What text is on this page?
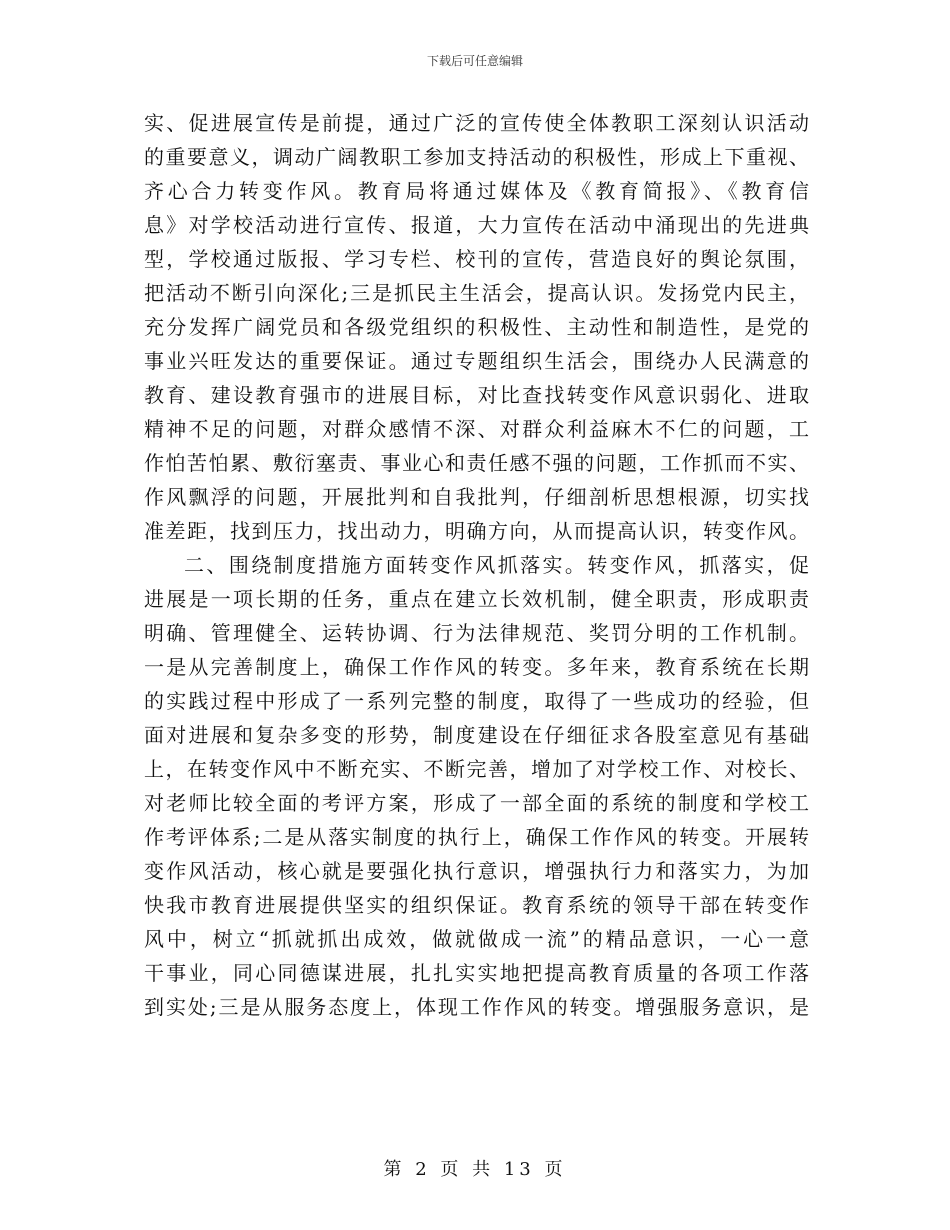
下载后可任意编辑
实、促进展宣传是前提，通过广泛的宣传使全体教职工深刻认识活动
的重要意义，调动广阔教职工参加支持活动的积极性，形成上下重视、
齐心合力转变作风。教育局将通过媒体及《教育简报》、《教育信
息》对学校活动进行宣传、报道，大力宣传在活动中涌现出的先进典
型，学校通过版报、学习专栏、校刊的宣传，营造良好的舆论氛围，
把活动不断引向深化;三是抓民主生活会，提高认识。发扬党内民主，
充分发挥广阔党员和各级党组织的积极性、主动性和制造性，是党的
事业兴旺发达的重要保证。通过专题组织生活会，围绕办人民满意的
教育、建设教育强市的进展目标，对比查找转变作风意识弱化、进取
精神不足的问题，对群众感情不深、对群众利益麻木不仁的问题，工
作怕苦怕累、敷衍塞责、事业心和责任感不强的问题，工作抓而不实、
作风飘浮的问题，开展批判和自我批判，仔细剖析思想根源，切实找
准差距，找到压力，找出动力，明确方向，从而提高认识，转变作风。
二、围绕制度措施方面转变作风抓落实。转变作风，抓落实，促
进展是一项长期的任务，重点在建立长效机制，健全职责，形成职责
明确、管理健全、运转协调、行为法律规范、奖罚分明的工作机制。
一是从完善制度上，确保工作作风的转变。多年来，教育系统在长期
的实践过程中形成了一系列完整的制度，取得了一些成功的经验，但
面对进展和复杂多变的形势，制度建设在仔细征求各股室意见有基础
上，在转变作风中不断充实、不断完善，增加了对学校工作、对校长、
对老师比较全面的考评方案，形成了一部全面的系统的制度和学校工
作考评体系;二是从落实制度的执行上，确保工作作风的转变。开展转
变作风活动，核心就是要强化执行意识，增强执行力和落实力，为加
快我市教育进展提供坚实的组织保证。教育系统的领导干部在转变作
风中，树立“抓就抓出成效，做就做成一流”的精品意识，一心一意
干事业，同心同德谋进展，扎扎实实地把提高教育质量的各项工作落
到实处;三是从服务态度上，体现工作作风的转变。增强服务意识，是
第 2 页 共 13 页
